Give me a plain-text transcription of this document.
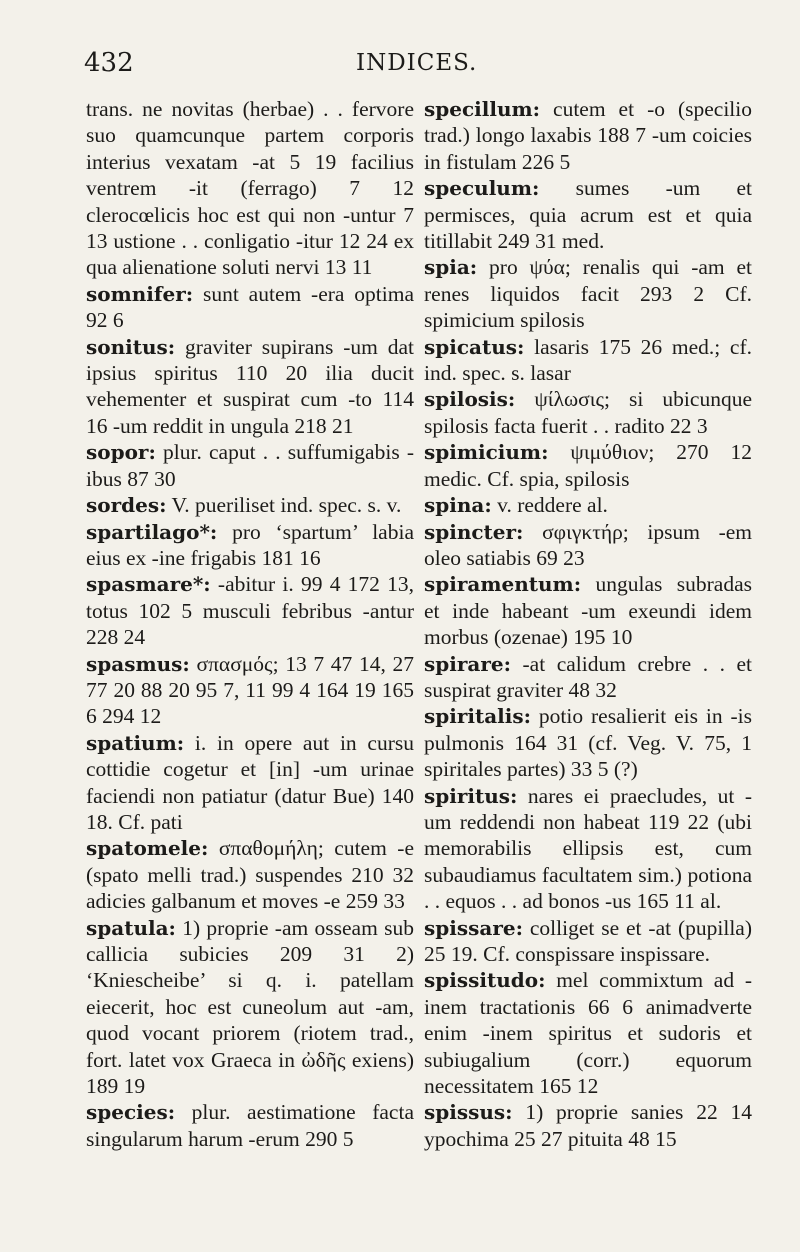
432	INDICES.

trans. ne novitas (herbae) . . fervore suo quamcunque partem corporis interius vexatam -at 5 19 facilius ventrem -it (ferrago) 7 12 clerocœlicis hoc est qui non -untur 7 13 ustione . . conligatio -itur 12 24 ex qua alienatione soluti nervi 13 11

somnifer: sunt autem -era optima 92 6

sonitus: graviter supirans -um dat ipsius spiritus 110 20 ilia ducit vehementer et suspirat cum -to 114 16 -um reddit in ungula 218 21

sopor: plur. caput . . suffumigabis -ibus 87 30

sordes: V. pueriliset ind. spec. s. v.

spartilago*: pro ‘spartum’ labia eius ex -ine frigabis 181 16

spasmare*: -abitur i. 99 4 172 13, totus 102 5 musculi febribus -antur 228 24

spasmus: σπασμός; 13 7 47 14, 27 77 20 88 20 95 7, 11 99 4 164 19 165 6 294 12

spatium: i. in opere aut in cursu cottidie cogetur et [in] -um urinae faciendi non patiatur (datur Bue) 140 18. Cf. pati

spatomele: σπαθομήλη; cutem -e (spato melli trad.) suspendes 210 32 adicies galbanum et moves -e 259 33

spatula: 1) proprie -am osseam sub callicia subicies 209 31 2) ‘Kniescheibe’ si q. i. patellam eiecerit, hoc est cuneolum aut -am, quod vocant priorem (riotem trad., fort. latet vox Graeca in ὠδῆς exiens) 189 19

species: plur. aestimatione facta singularum harum -erum 290 5

specillum: cutem et -o (specilio trad.) longo laxabis 188 7 -um coicies in fistulam 226 5

speculum: sumes -um et permisces, quia acrum est et quia titillabit 249 31 med.

spia: pro ψύα; renalis qui -am et renes liquidos facit 293 2 Cf. spimicium spilosis

spicatus: lasaris 175 26 med.; cf. ind. spec. s. lasar

spilosis: ψίλωσις; si ubicunque spilosis facta fuerit . . radito 22 3

spimicium: ψιμύθιον; 270 12 medic. Cf. spia, spilosis

spina: v. reddere al.

spincter: σφιγκτήρ; ipsum -em oleo satiabis 69 23

spiramentum: ungulas subradas et inde habeant -um exeundi idem morbus (ozenae) 195 10

spirare: -at calidum crebre . . et suspirat graviter 48 32

spiritalis: potio resalierit eis in -is pulmonis 164 31 (cf. Veg. V. 75, 1 spiritales partes) 33 5 (?)

spiritus: nares ei praecludes, ut -um reddendi non habeat 119 22 (ubi memorabilis ellipsis est, cum subaudiamus facultatem sim.) potiona . . equos . . ad bonos -us 165 11 al.

spissare: colliget se et -at (pupilla) 25 19. Cf. conspissare inspissare.

spissitudo: mel commixtum ad -inem tractationis 66 6 animadverte enim -inem spiritus et sudoris et subiugalium (corr.) equorum necessitatem 165 12

spissus: 1) proprie sanies 22 14 ypochima 25 27 pituita 48 15
